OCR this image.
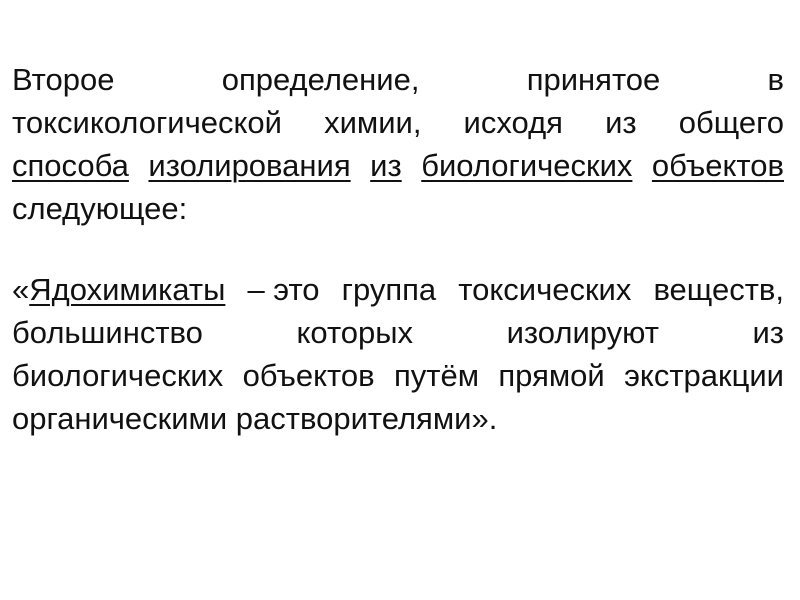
Второе	определение,	принятое	в
токсикологической химии, исходя из общего
способа изолирования из биологических объектов
следующее:
«Ядохимикаты – это группа токсических веществ,
большинство	которых	изолируют	из
биологических объектов путём прямой экстракции
органическими растворителями».
